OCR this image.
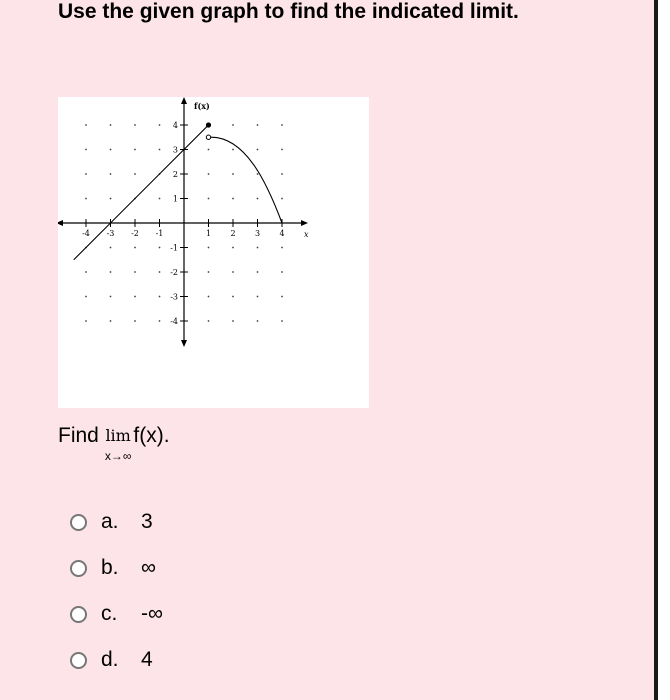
Use the given graph to find the indicated limit.
-4 -3 -2 -1	1 2 3 4
4
3
2
1
-1
-2
-3
-4
f(x)
x
Find lim
x→∞
f(x).
a.	3
b.	∞
c.	-∞
d.	4
